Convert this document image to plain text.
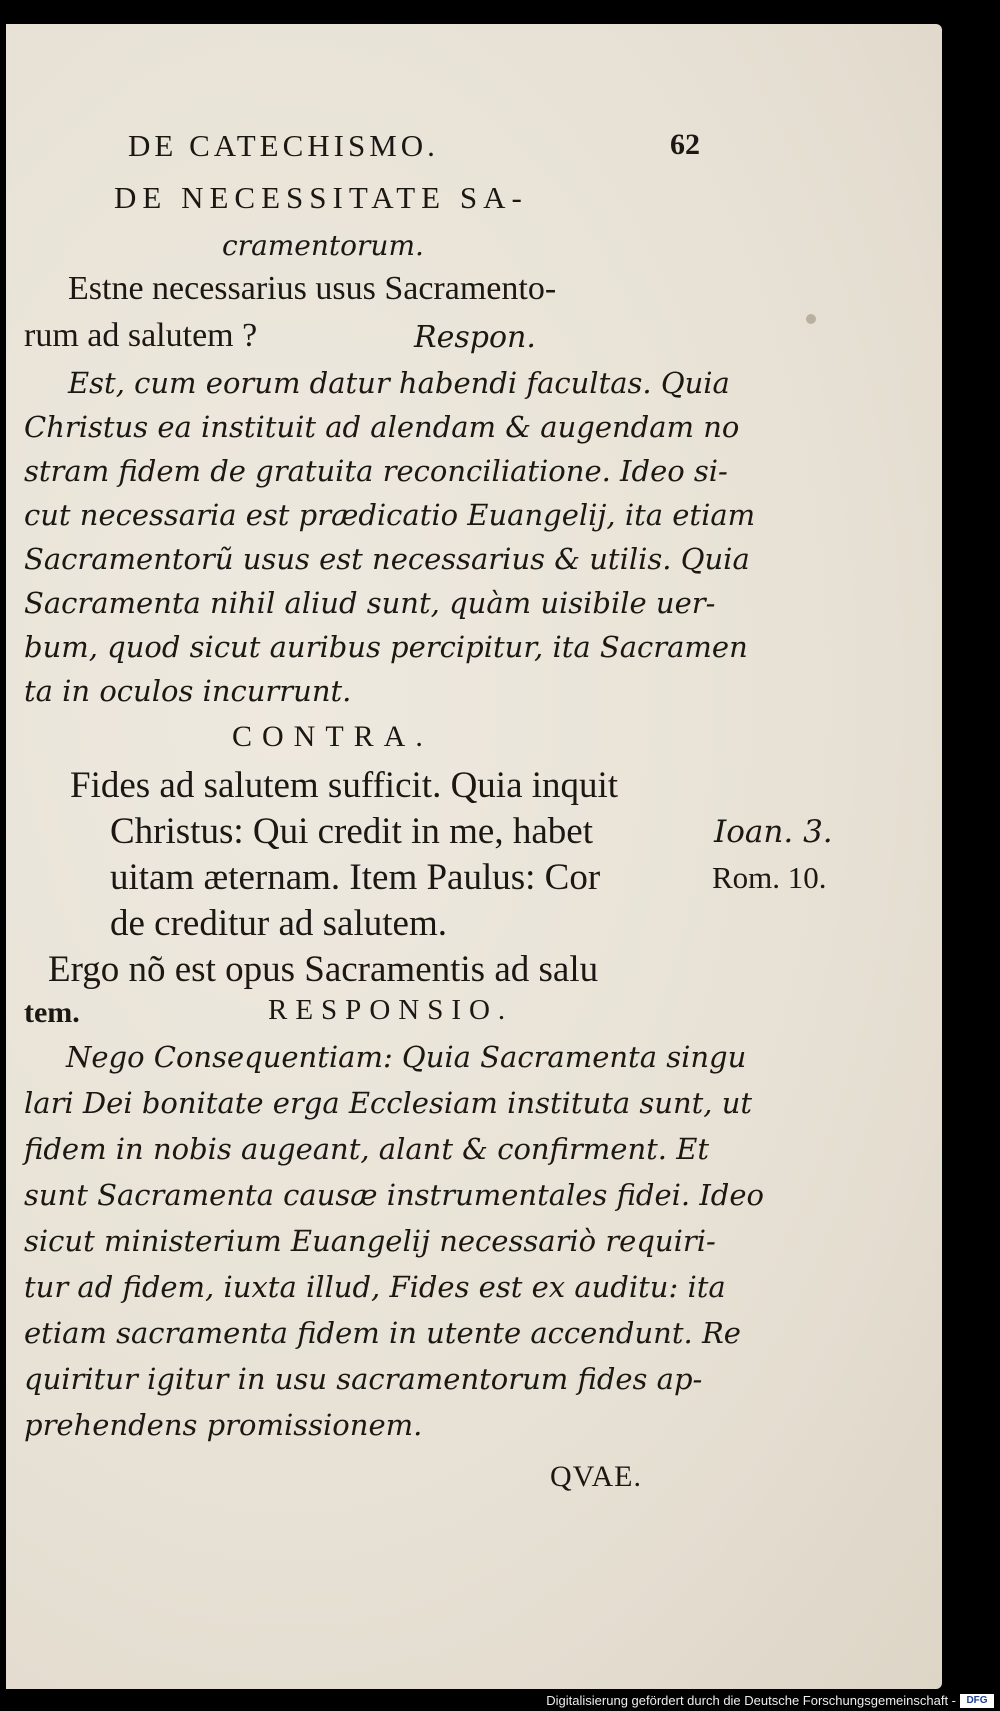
DE CATECHISMO.	62
DE NECESSITATE SA-
cramentorum.
Estne necessarius usus Sacramento-
rum ad salutem ?	Respon.
Est, cum eorum datur habendi facultas. Quia
Christus ea instituit ad alendam & augendam no
stram fidem de gratuita reconciliatione. Ideo si-
cut necessaria est prædicatio Euangelij, ita etiam
Sacramentorũ usus est necessarius & utilis. Quia
Sacramenta nihil aliud sunt, quàm uisibile uer-
bum, quod sicut auribus percipitur, ita Sacramen
ta in oculos incurrunt.
CONTRA.
Fides ad salutem sufficit. Quia inquit
Christus: Qui credit in me, habet
uitam æternam. Item Paulus: Cor
de creditur ad salutem.
Ioan. 3.
Rom. 10.
Ergo nõ est opus Sacramentis ad salu
tem.	RESPONSIO.
Nego Consequentiam: Quia Sacramenta singu
lari Dei bonitate erga Ecclesiam instituta sunt, ut
fidem in nobis augeant, alant & confirment. Et
sunt Sacramenta causæ instrumentales fidei. Ideo
sicut ministerium Euangelij necessariò requiri-
tur ad fidem, iuxta illud, Fides est ex auditu: ita
etiam sacramenta fidem in utente accendunt. Re
quiritur igitur in usu sacramentorum fides ap-
prehendens promissionem.
QVAE.
Digitalisierung gefördert durch die Deutsche Forschungsgemeinschaft -	DFG
